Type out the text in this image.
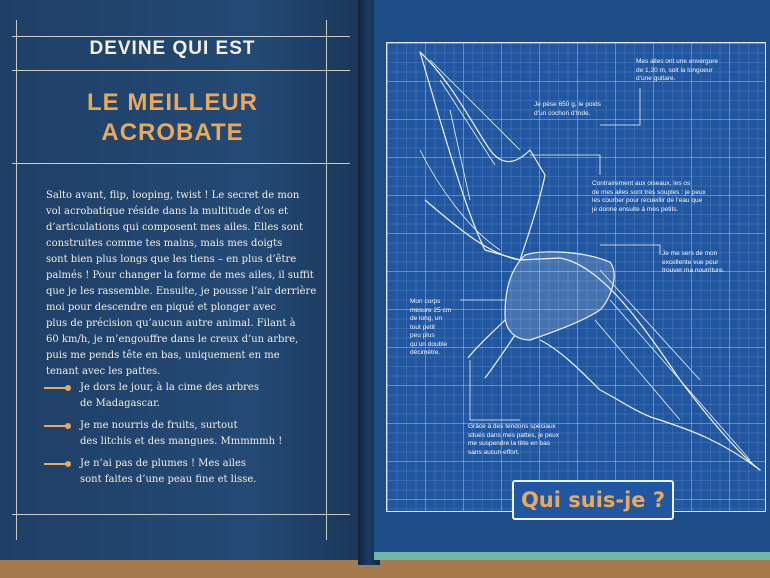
DEVINE QUI EST
LE MEILLEUR
ACROBATE
Salto avant, flip, looping, twist ! Le secret de mon
vol acrobatique réside dans la multitude d’os et
d’articulations qui composent mes ailes. Elles sont
construites comme tes mains, mais mes doigts
sont bien plus longs que les tiens – en plus d’être
palmés ! Pour changer la forme de mes ailes, il suffit
que je les rassemble. Ensuite, je pousse l’air derrière
moi pour descendre en piqué et plonger avec
plus de précision qu’aucun autre animal. Filant à
60 km/h, je m’engouffre dans le creux d’un arbre,
puis me pends tête en bas, uniquement en me
tenant avec les pattes.
Je dors le jour, à la cime des arbres
de Madagascar.
Je me nourris de fruits, surtout
des litchis et des mangues. Mmmmmh !
Je n’ai pas de plumes ! Mes ailes
sont faites d’une peau fine et lisse.
Mes ailes ont une envergure
de 1,20 m, soit la longueur
d’une guitare.
Je pèse 650 g, le poids
d’un cochon d’Inde.
Contrairement aux oiseaux, les os
de mes ailes sont très souples : je peux
les courber pour recueillir de l’eau que
je donne ensuite à mes petits.
Je me sers de mon
excellente vue pour
trouver ma nourriture.
Mon corps
mesure 25 cm
de long, un
tout petit
peu plus
qu’un double
décimètre.
Grâce à des tendons spéciaux
situés dans mes pattes, je peux
me suspendre la tête en bas
sans aucun effort.
Qui suis-je ?
